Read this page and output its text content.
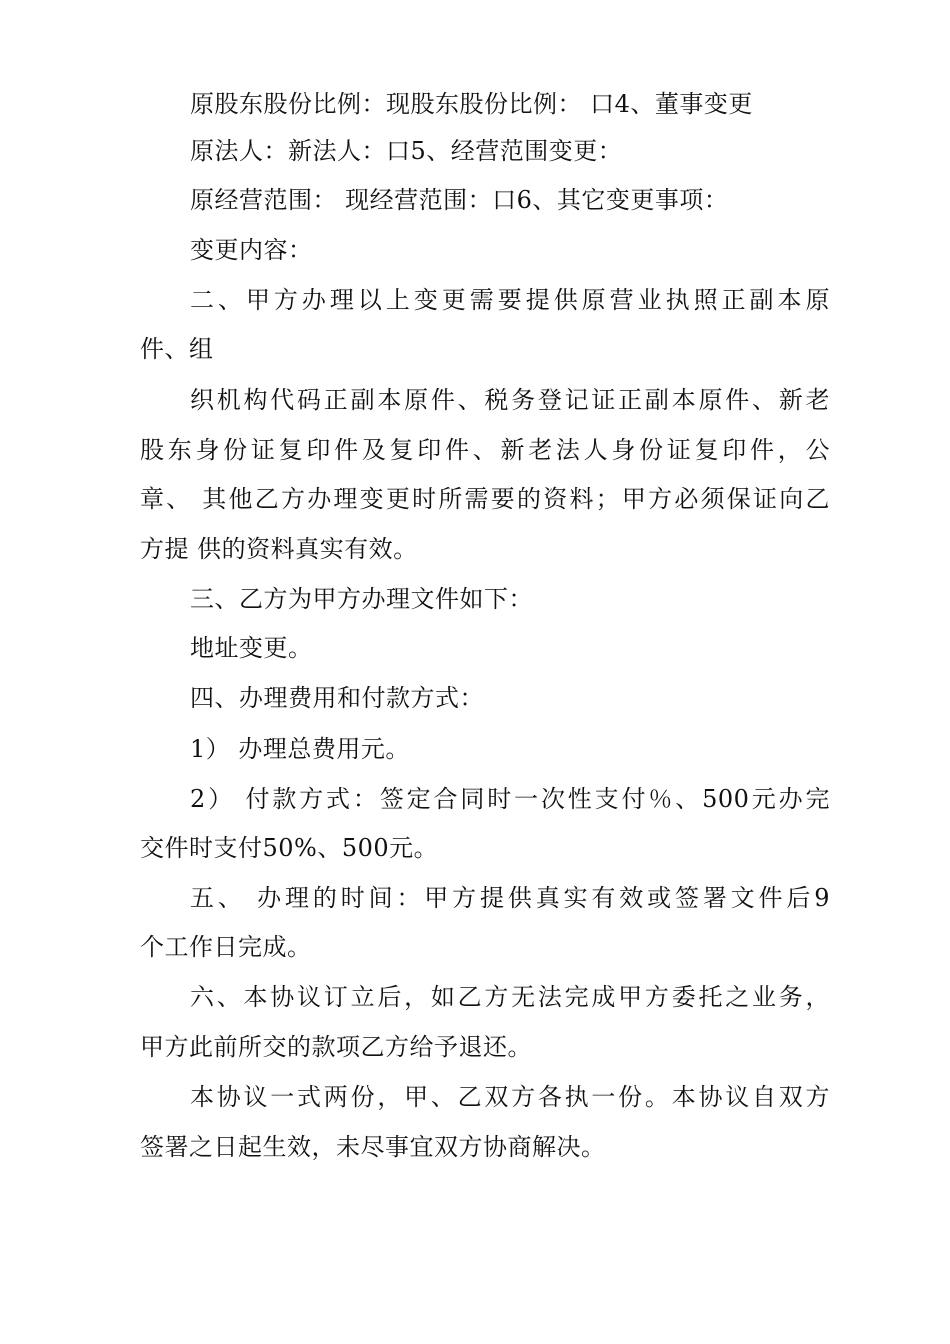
原股东股份比例：现股东股份比例： 口4、董事变更
原法人：新法人：口5、经营范围变更：
原经营范围： 现经营范围：口6、其它变更事项：
变更内容：
二、甲方办理以上变更需要提供原营业执照正副本原
件、组
织机构代码正副本原件、税务登记证正副本原件、新老
股东身份证复印件及复印件、新老法人身份证复印件，公
章、 其他乙方办理变更时所需要的资料；甲方必须保证向乙
方提 供的资料真实有效。
三、乙方为甲方办理文件如下：
地址变更。
四、办理费用和付款方式：
1） 办理总费用元。
2） 付款方式：签定合同时一次性支付％、500元办完
交件时支付50%、500元。
五、 办理的时间：甲方提供真实有效或签署文件后9
个工作日完成。
六、本协议订立后，如乙方无法完成甲方委托之业务，
甲方此前所交的款项乙方给予退还。
本协议一式两份，甲、乙双方各执一份。本协议自双方
签署之日起生效，未尽事宜双方协商解决。
